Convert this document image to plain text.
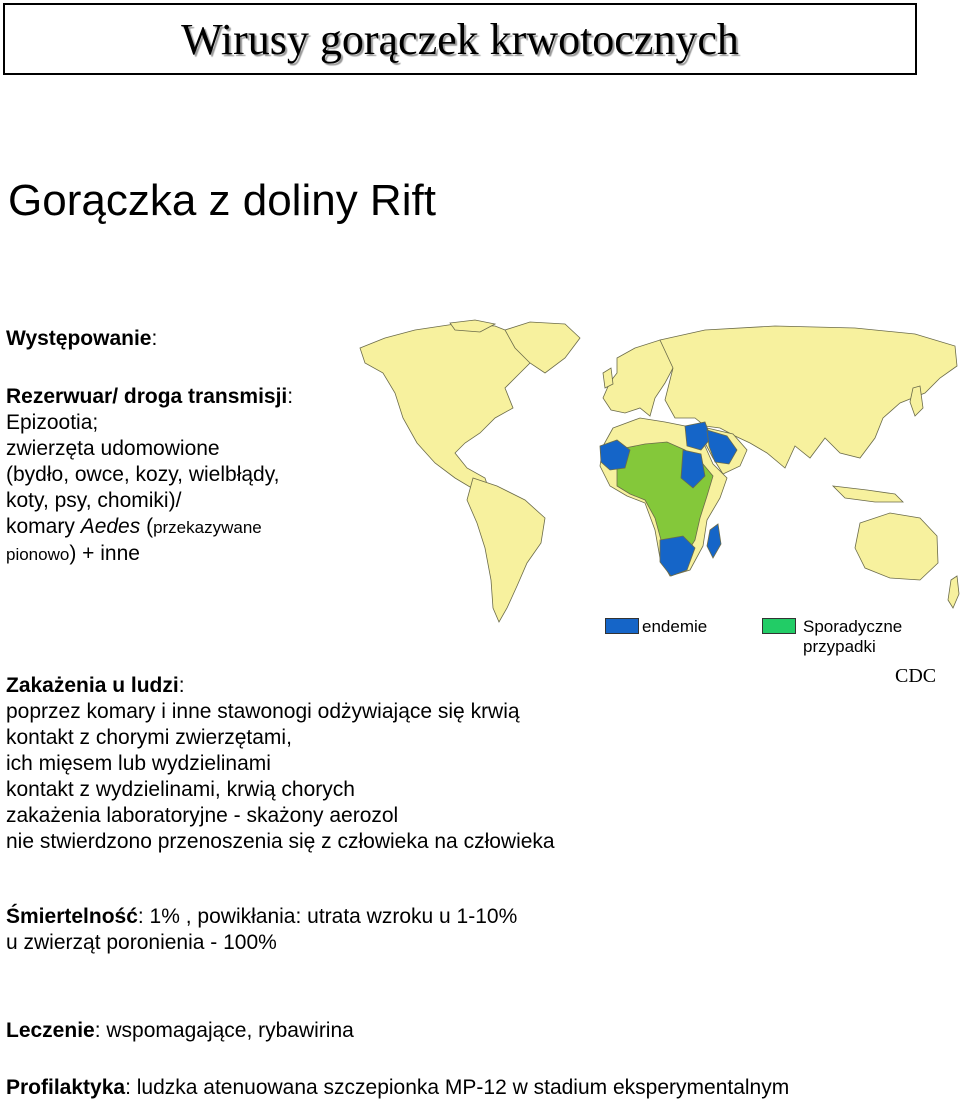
Wirusy gorączek krwotocznych
Gorączka z doliny Rift
Występowanie:
Rezerwuar/ droga transmisji:
Epizootia;
zwierzęta udomowione
(bydło, owce, kozy, wielbłądy,
koty, psy, chomiki)/
komary Aedes (przekazywane
pionowo) + inne
endemie	Sporadyczne
przypadki
CDC
Zakażenia u ludzi:
poprzez komary i inne stawonogi odżywiające się krwią
kontakt z chorymi zwierzętami,
ich mięsem lub wydzielinami
kontakt z wydzielinami, krwią chorych
zakażenia laboratoryjne - skażony aerozol
nie stwierdzono przenoszenia się z człowieka na człowieka
Śmiertelność: 1% , powikłania: utrata wzroku u 1-10%
u zwierząt poronienia - 100%
Leczenie: wspomagające, rybawirina
Profilaktyka: ludzka atenuowana szczepionka MP-12 w stadium eksperymentalnym
